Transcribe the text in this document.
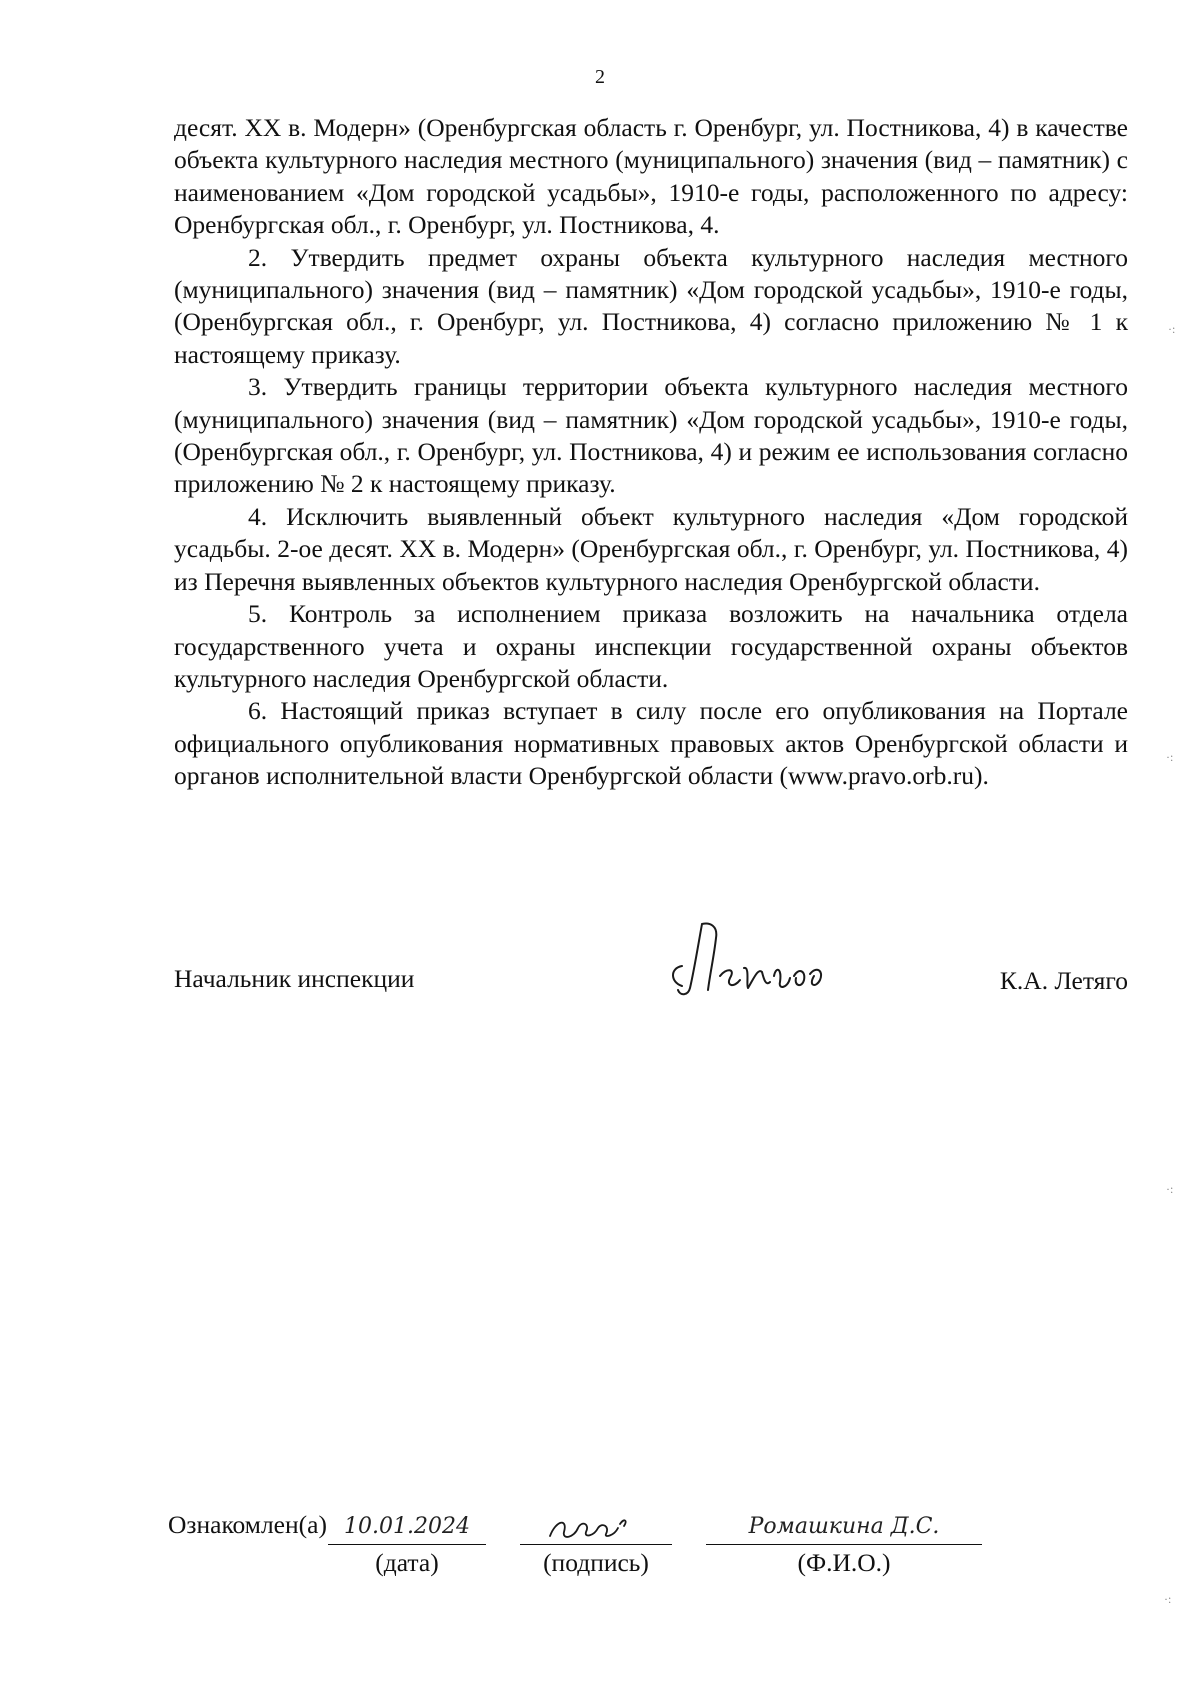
2

десят. XX в. Модерн» (Оренбургская область г. Оренбург, ул. Постникова, 4) в качестве объекта культурного наследия местного (муниципального) значения (вид – памятник) с наименованием «Дом городской усадьбы», 1910-е годы, расположенного по адресу: Оренбургская обл., г. Оренбург, ул. Постникова, 4.

2. Утвердить предмет охраны объекта культурного наследия местного (муниципального) значения (вид – памятник) «Дом городской усадьбы», 1910-е годы, (Оренбургская обл., г. Оренбург, ул. Постникова, 4) согласно приложению № 1 к настоящему приказу.

3. Утвердить границы территории объекта культурного наследия местного (муниципального) значения (вид – памятник) «Дом городской усадьбы», 1910-е годы, (Оренбургская обл., г. Оренбург, ул. Постникова, 4) и режим ее использования согласно приложению № 2 к настоящему приказу.

4. Исключить выявленный объект культурного наследия «Дом городской усадьбы. 2-ое десят. XX в. Модерн» (Оренбургская обл., г. Оренбург, ул. Постникова, 4) из Перечня выявленных объектов культурного наследия Оренбургской области.

5. Контроль за исполнением приказа возложить на начальника отдела государственного учета и охраны инспекции государственной охраны объектов культурного наследия Оренбургской области.

6. Настоящий приказ вступает в силу после его опубликования на Портале официального опубликования нормативных правовых актов Оренбургской области и органов исполнительной власти Оренбургской области (www.pravo.orb.ru).

Начальник инспекции	К.А. Летяго
Ознакомлен(а) 10.01.2024
(дата)	(подпись)
Ромашкина Д.С.
(Ф.И.О.)
·:
·:
·:
·:
